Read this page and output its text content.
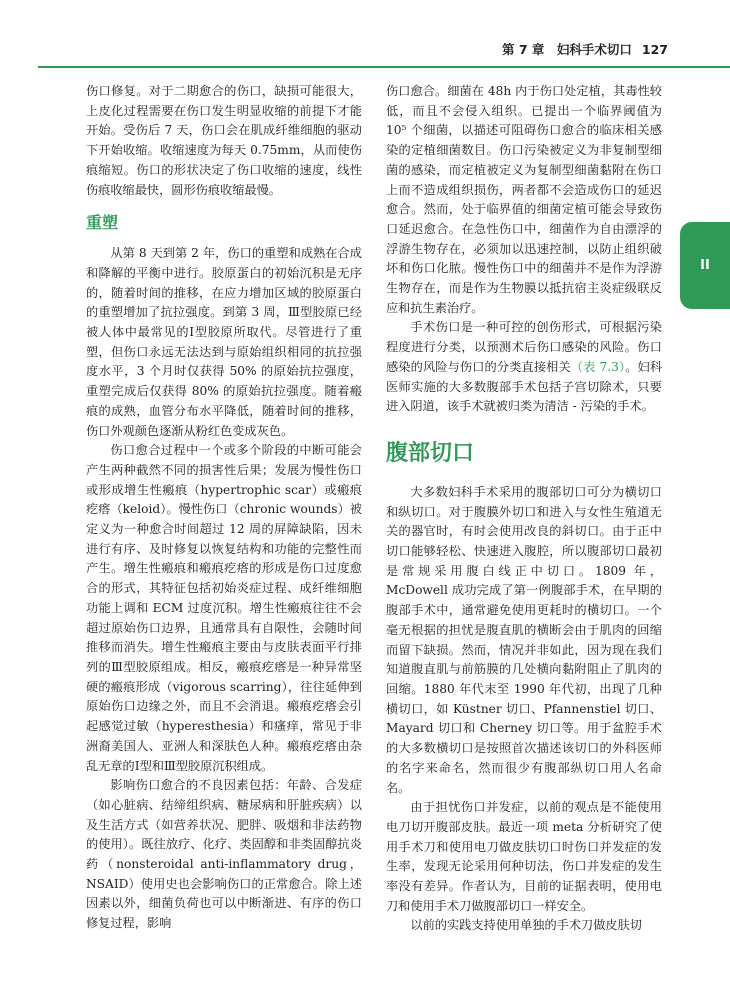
第 7 章　妇科手术切口 127
II

伤口修复。对于二期愈合的伤口，缺损可能很大，上皮化过程需要在伤口发生明显收缩的前提下才能开始。受伤后 7 天，伤口会在肌成纤维细胞的驱动下开始收缩。收缩速度为每天 0.75mm，从而使伤痕缩短。伤口的形状决定了伤口收缩的速度，线性伤痕收缩最快，圆形伤痕收缩最慢。

重塑

从第 8 天到第 2 年，伤口的重塑和成熟在合成和降解的平衡中进行。胶原蛋白的初始沉积是无序的，随着时间的推移，在应力增加区域的胶原蛋白的重塑增加了抗拉强度。到第 3 周，Ⅲ型胶原已经被人体中最常见的Ⅰ型胶原所取代。尽管进行了重塑，但伤口永远无法达到与原始组织相同的抗拉强度水平，3 个月时仅获得 50% 的原始抗拉强度，重塑完成后仅获得 80% 的原始抗拉强度。随着瘢痕的成熟，血管分布水平降低，随着时间的推移，伤口外观颜色逐渐从粉红色变成灰色。

伤口愈合过程中一个或多个阶段的中断可能会产生两种截然不同的损害性后果；发展为慢性伤口或形成增生性瘢痕（hypertrophic scar）或瘢痕疙瘩（keloid）。慢性伤口（chronic wounds）被定义为一种愈合时间超过 12 周的屏障缺陷，因未进行有序、及时修复以恢复结构和功能的完整性而产生。增生性瘢痕和瘢痕疙瘩的形成是伤口过度愈合的形式，其特征包括初始炎症过程、成纤维细胞功能上调和 ECM 过度沉积。增生性瘢痕往往不会超过原始伤口边界，且通常具有自限性，会随时间推移而消失。增生性瘢痕主要由与皮肤表面平行排列的Ⅲ型胶原组成。相反，瘢痕疙瘩是一种异常坚硬的瘢痕形成（vigorous scarring），往往延伸到原始伤口边缘之外，而且不会消退。瘢痕疙瘩会引起感觉过敏（hyperesthesia）和瘙痒，常见于非洲裔美国人、亚洲人和深肤色人种。瘢痕疙瘩由杂乱无章的Ⅰ型和Ⅲ型胶原沉积组成。

影响伤口愈合的不良因素包括：年龄、合发症（如心脏病、结缔组织病、糖尿病和肝脏疾病）以及生活方式（如营养状况、肥胖、吸烟和非法药物的使用）。既往放疗、化疗、类固醇和非类固醇抗炎药（nonsteroidal anti-inflammatory drug，NSAID）使用史也会影响伤口的正常愈合。除上述因素以外，细菌负荷也可以中断渐进、有序的伤口修复过程，影响

伤口愈合。细菌在 48h 内于伤口处定植，其毒性较低，而且不会侵入组织。已提出一个临界阈值为 10⁵ 个细菌，以描述可阻碍伤口愈合的临床相关感染的定植细菌数目。伤口污染被定义为非复制型细菌的感染，而定植被定义为复制型细菌黏附在伤口上而不造成组织损伤，两者都不会造成伤口的延迟愈合。然而，处于临界值的细菌定植可能会导致伤口延迟愈合。在急性伤口中，细菌作为自由漂浮的浮游生物存在，必须加以迅速控制，以防止组织破坏和伤口化脓。慢性伤口中的细菌并不是作为浮游生物存在，而是作为生物膜以抵抗宿主炎症级联反应和抗生素治疗。

手术伤口是一种可控的创伤形式，可根据污染程度进行分类，以预测术后伤口感染的风险。伤口感染的风险与伤口的分类直接相关（表 7.3）。妇科医师实施的大多数腹部手术包括子宫切除术，只要进入阴道，该手术就被归类为清洁 - 污染的手术。

腹部切口

大多数妇科手术采用的腹部切口可分为横切口和纵切口。对于腹膜外切口和进入与女性生殖道无关的器官时，有时会使用改良的斜切口。由于正中切口能够轻松、快速进入腹腔，所以腹部切口最初是常规采用腹白线正中切口。1809 年，McDowell 成功完成了第一例腹部手术，在早期的腹部手术中，通常避免使用更耗时的横切口。一个毫无根据的担忧是腹直肌的横断会由于肌肉的回缩而留下缺损。然而，情况并非如此，因为现在我们知道腹直肌与前筋膜的几处横向黏附阻止了肌肉的回缩。1880 年代末至 1990 年代初，出现了几种横切口，如 Küstner 切口、Pfannenstiel 切口、Mayard 切口和 Cherney 切口等。用于盆腔手术的大多数横切口是按照首次描述该切口的外科医师的名字来命名，然而很少有腹部纵切口用人名命名。

由于担忧伤口并发症，以前的观点是不能使用电刀切开腹部皮肤。最近一项 meta 分析研究了使用手术刀和使用电刀做皮肤切口时伤口并发症的发生率，发现无论采用何种切法，伤口并发症的发生率没有差异。作者认为，目前的证据表明，使用电刀和使用手术刀做腹部切口一样安全。

以前的实践支持使用单独的手术刀做皮肤切
